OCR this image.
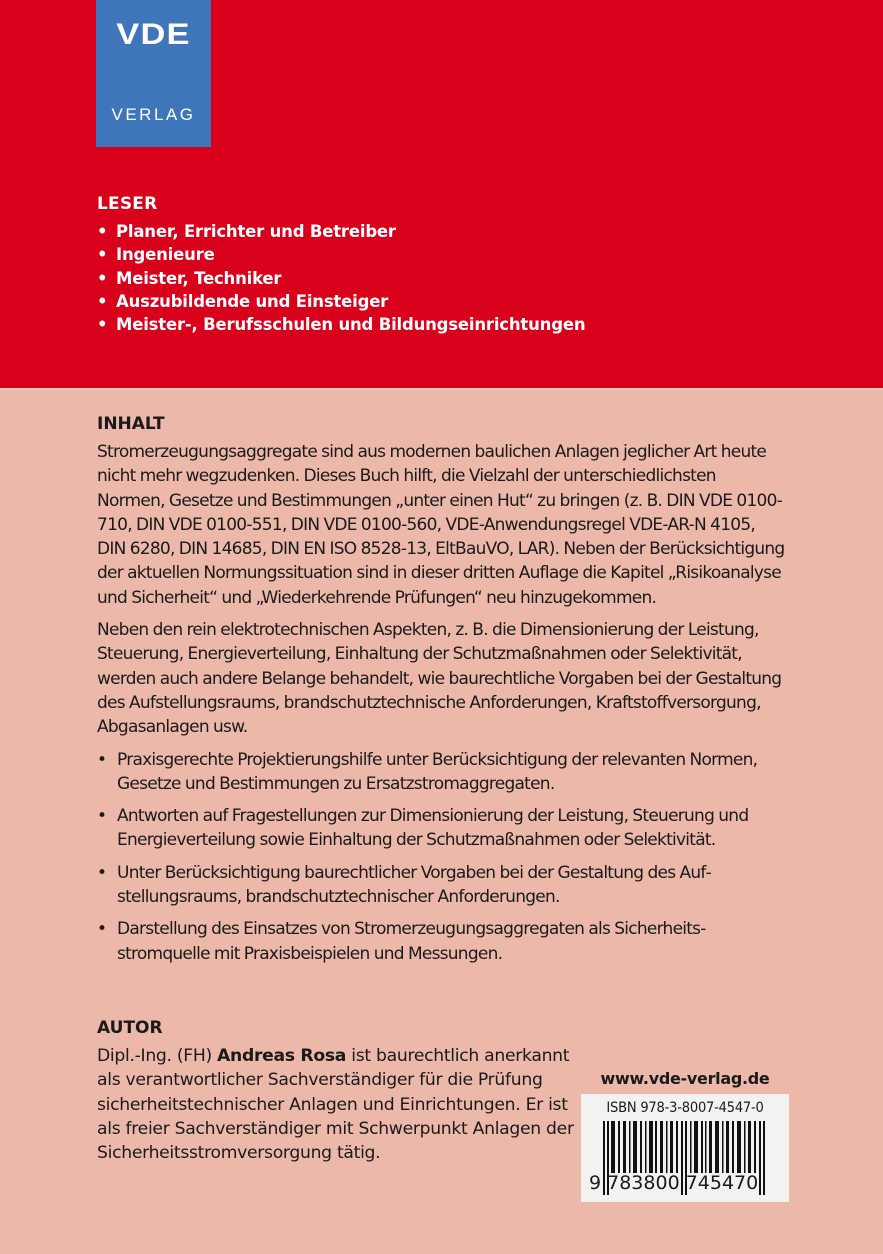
VDE
VERLAG
LESER
• Planer, Errichter und Betreiber
• Ingenieure
• Meister, Techniker
• Auszubildende und Einsteiger
• Meister-, Berufsschulen und Bildungseinrichtungen
INHALT

Stromerzeugungsaggregate sind aus modernen baulichen Anlagen jeglicher Art heute nicht mehr wegzudenken. Dieses Buch hilft, die Vielzahl der unterschiedlichsten Normen, Gesetze und Bestimmungen „unter einen Hut“ zu bringen (z. B. DIN VDE 0100-710, DIN VDE 0100-551, DIN VDE 0100-560, VDE-Anwendungsregel VDE-AR-N 4105, DIN 6280, DIN 14685, DIN EN ISO 8528-13, EltBauVO, LAR). Neben der Berücksichtigung der aktuellen Normungssituation sind in dieser dritten Auflage die Kapitel „Risikoanalyse und Sicherheit“ und „Wiederkehrende Prüfungen“ neu hinzugekommen.

Neben den rein elektrotechnischen Aspekten, z. B. die Dimensionierung der Leistung, Steuerung, Energieverteilung, Einhaltung der Schutzmaßnahmen oder Selektivität, werden auch andere Belange behandelt, wie baurechtliche Vorgaben bei der Gestaltung des Aufstellungsraums, brandschutztechnische Anforderungen, Kraftstoffversorgung, Abgasanlagen usw.

• Praxisgerechte Projektierungshilfe unter Berücksichtigung der relevanten Normen, Gesetze und Bestimmungen zu Ersatzstromaggregaten.
• Antworten auf Fragestellungen zur Dimensionierung der Leistung, Steuerung und Energieverteilung sowie Einhaltung der Schutzmaßnahmen oder Selektivität.
• Unter Berücksichtigung baurechtlicher Vorgaben bei der Gestaltung des Aufstellungsraums, brandschutztechnischer Anforderungen.
• Darstellung des Einsatzes von Stromerzeugungsaggregaten als Sicherheitsstromquelle mit Praxisbeispielen und Messungen.
AUTOR

Dipl.-Ing. (FH) Andreas Rosa ist baurechtlich anerkannt als verantwortlicher Sachverständiger für die Prüfung sicherheitstechnischer Anlagen und Einrichtungen. Er ist als freier Sachverständiger mit Schwerpunkt Anlagen der Sicherheitsstromversorgung tätig.

www.vde-verlag.de
ISBN 978-3-8007-4547-0
9 783800 745470
